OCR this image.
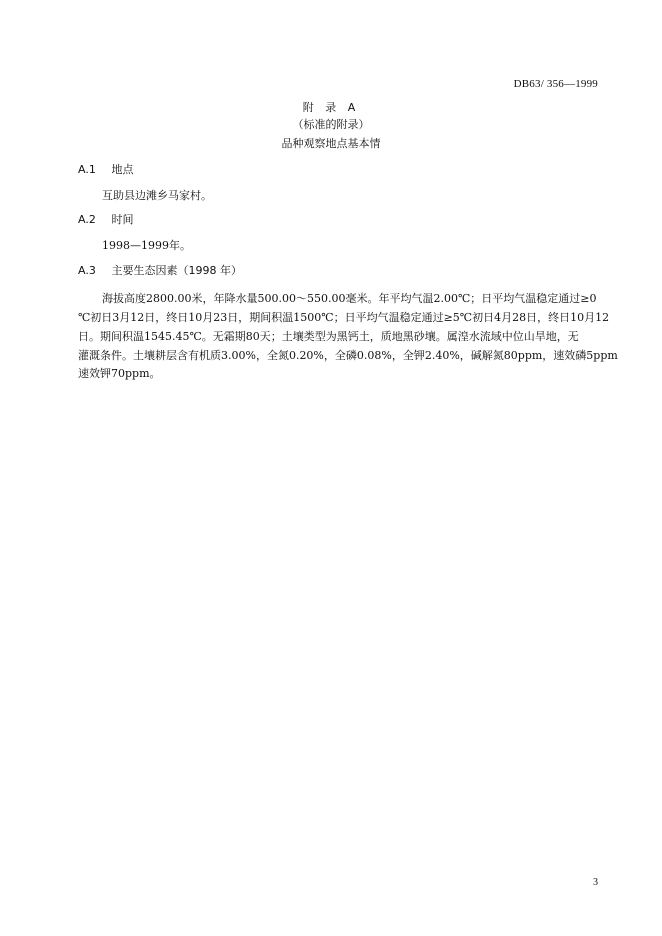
DB63/ 356—1999
附 录 A
（标准的附录）
品种观察地点基本情
A.1 地点
互助县边滩乡马家村。
A.2 时间
1998—1999年。
A.3 主要生态因素（1998 年）
海拔高度2800.00米，年降水量500.00～550.00毫米。年平均气温2.00℃；日平均气温稳定通过≥0
℃初日3月12日，终日10月23日，期间积温1500℃；日平均气温稳定通过≥5℃初日4月28日，终日10月12
日。期间积温1545.45℃。无霜期80天；土壤类型为黑钙土，质地黑砂壤。属湟水流域中位山旱地，无
灌溉条件。土壤耕层含有机质3.00%，全氮0.20%，全磷0.08%，全钾2.40%，碱解氮80ppm，速效磷5ppm
速效钾70ppm。
3
